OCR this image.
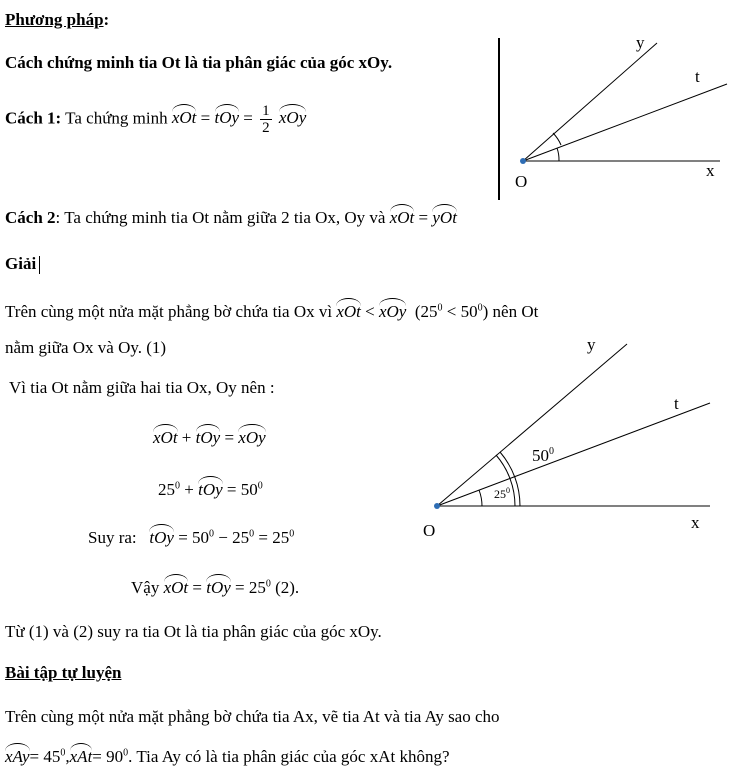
Phương pháp:
Cách chứng minh tia Ot là tia phân giác của góc xOy.
Cách 1: Ta chứng minh xOt = tOy = $\frac{1}{2}$ xOy
Cách 2: Ta chứng minh tia Ot nằm giữa 2 tia Ox, Oy và xOt = yOt
Giải
Trên cùng một nửa mặt phẳng bờ chứa tia Ox vì xOt < xOy $(25^0 < 50^0)$ nên Ot
nằm giữa Ox và Oy. (1)
Vì tia Ot nằm giữa hai tia Ox, Oy nên :
xOt + tOy = xOy
$25^0$ + tOy = $50^0$
Suy ra: tOy = $50^0 - 25^0 = 25^0$
Vậy xOt = tOy = $25^0$ (2).
Từ (1) và (2) suy ra tia Ot là tia phân giác của góc xOy.
Bài tập tự luyện
Trên cùng một nửa mặt phẳng bờ chứa tia Ax, vẽ tia At và tia Ay sao cho
$xAy= 45^0,xAt= 90^0$. Tia Ay có là tia phân giác của góc xAt không?
O
x
y
t
O	x
y
t
$50^0$
$25^0$
